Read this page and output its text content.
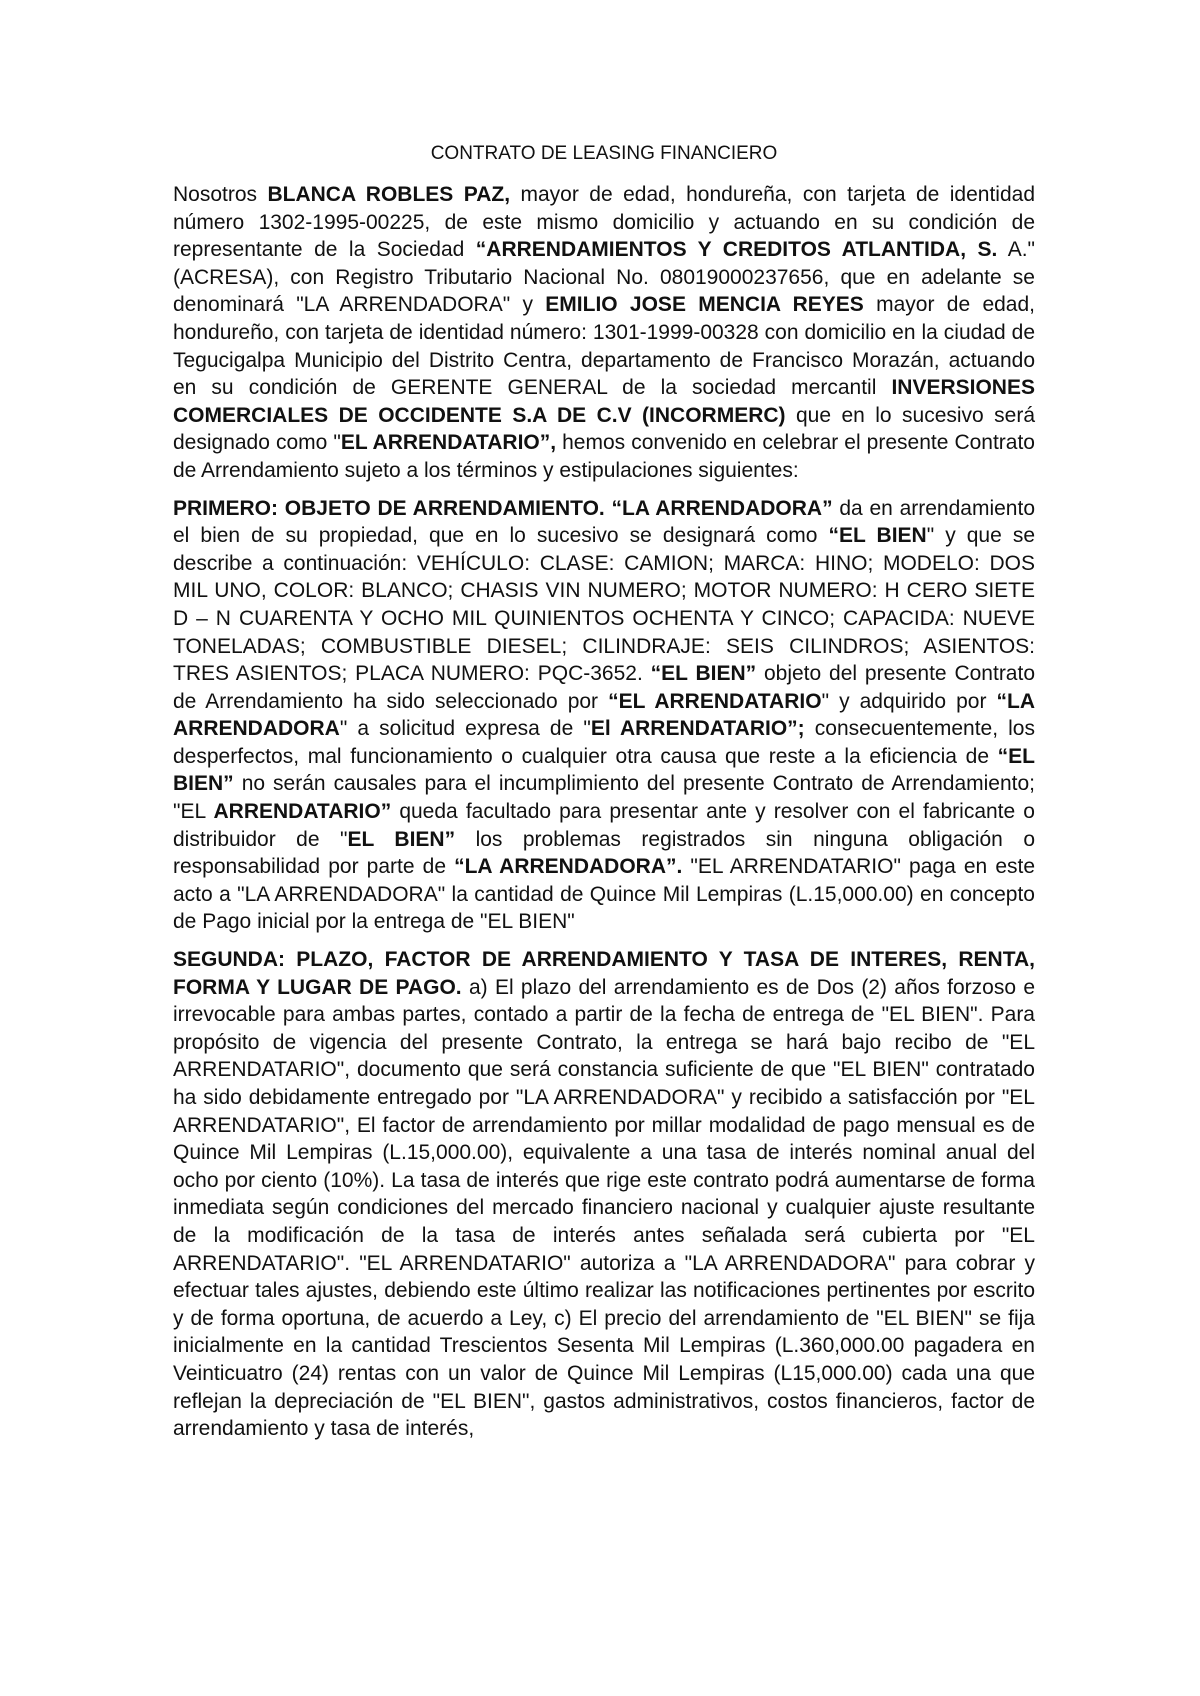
CONTRATO DE LEASING FINANCIERO

Nosotros BLANCA ROBLES PAZ, mayor de edad, hondureña, con tarjeta de identidad número 1302-1995-00225, de este mismo domicilio y actuando en su condición de representante de la Sociedad “ARRENDAMIENTOS Y CREDITOS ATLANTIDA, S. A." (ACRESA), con Registro Tributario Nacional No. 08019000237656, que en adelante se denominará "LA ARRENDADORA" y EMILIO JOSE MENCIA REYES mayor de edad, hondureño, con tarjeta de identidad número: 1301-1999-00328 con domicilio en la ciudad de Tegucigalpa Municipio del Distrito Centra, departamento de Francisco Morazán, actuando en su condición de GERENTE GENERAL de la sociedad mercantil INVERSIONES COMERCIALES DE OCCIDENTE S.A DE C.V (INCORMERC) que en lo sucesivo será designado como "EL ARRENDATARIO”, hemos convenido en celebrar el presente Contrato de Arrendamiento sujeto a los términos y estipulaciones siguientes:

PRIMERO: OBJETO DE ARRENDAMIENTO. “LA ARRENDADORA” da en arrendamiento el bien de su propiedad, que en lo sucesivo se designará como “EL BIEN" y que se describe a continuación: VEHÍCULO: CLASE: CAMION; MARCA: HINO; MODELO: DOS MIL UNO, COLOR: BLANCO; CHASIS VIN NUMERO; MOTOR NUMERO: H CERO SIETE D – N CUARENTA Y OCHO MIL QUINIENTOS OCHENTA Y CINCO; CAPACIDA: NUEVE TONELADAS; COMBUSTIBLE DIESEL; CILINDRAJE: SEIS CILINDROS; ASIENTOS: TRES ASIENTOS; PLACA NUMERO: PQC-3652. “EL BIEN” objeto del presente Contrato de Arrendamiento ha sido seleccionado por “EL ARRENDATARIO" y adquirido por “LA ARRENDADORA" a solicitud expresa de "El ARRENDATARIO”; consecuentemente, los desperfectos, mal funcionamiento o cualquier otra causa que reste a la eficiencia de “EL BIEN” no serán causales para el incumplimiento del presente Contrato de Arrendamiento; "EL ARRENDATARIO” queda facultado para presentar ante y resolver con el fabricante o distribuidor de "EL BIEN” los problemas registrados sin ninguna obligación o responsabilidad por parte de “LA ARRENDADORA”. "EL ARRENDATARIO" paga en este acto a "LA ARRENDADORA" la cantidad de Quince Mil Lempiras (L.15,000.00) en concepto de Pago inicial por la entrega de "EL BIEN"

SEGUNDA: PLAZO, FACTOR DE ARRENDAMIENTO Y TASA DE INTERES, RENTA, FORMA Y LUGAR DE PAGO. a) El plazo del arrendamiento es de Dos (2) años forzoso e irrevocable para ambas partes, contado a partir de la fecha de entrega de "EL BIEN". Para propósito de vigencia del presente Contrato, la entrega se hará bajo recibo de "EL ARRENDATARIO", documento que será constancia suficiente de que "EL BIEN" contratado ha sido debidamente entregado por "LA ARRENDADORA" y recibido a satisfacción por "EL ARRENDATARIO", El factor de arrendamiento por millar modalidad de pago mensual es de Quince Mil Lempiras (L.15,000.00), equivalente a una tasa de interés nominal anual del ocho por ciento (10%). La tasa de interés que rige este contrato podrá aumentarse de forma inmediata según condiciones del mercado financiero nacional y cualquier ajuste resultante de la modificación de la tasa de interés antes señalada será cubierta por "EL ARRENDATARIO". "EL ARRENDATARIO" autoriza a "LA ARRENDADORA" para cobrar y efectuar tales ajustes, debiendo este último realizar las notificaciones pertinentes por escrito y de forma oportuna, de acuerdo a Ley, c) El precio del arrendamiento de "EL BIEN" se fija inicialmente en la cantidad Trescientos Sesenta Mil Lempiras (L.360,000.00 pagadera en Veinticuatro (24) rentas con un valor de Quince Mil Lempiras (L15,000.00) cada una que reflejan la depreciación de "EL BIEN", gastos administrativos, costos financieros, factor de arrendamiento y tasa de interés,
